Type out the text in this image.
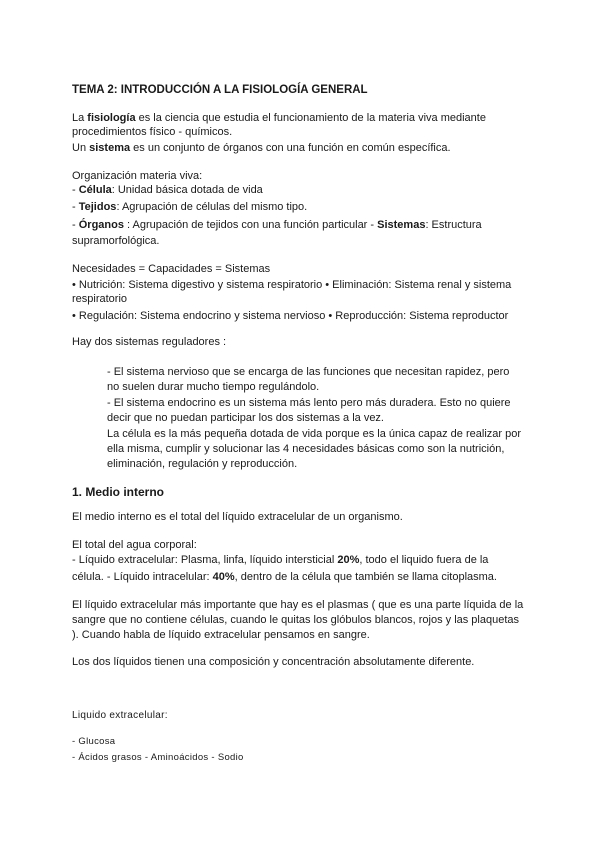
TEMA 2: INTRODUCCIÓN A LA FISIOLOGÍA GENERAL
La fisiología es la ciencia que estudia el funcionamiento de la materia viva mediante
procedimientos físico - químicos.
Un sistema es un conjunto de órganos con una función en común específica.
Organización materia viva:
- Célula: Unidad básica dotada de vida
- Tejidos: Agrupación de células del mismo tipo.
- Órganos : Agrupación de tejidos con una función particular - Sistemas: Estructura
supramorfológica.
Necesidades = Capacidades = Sistemas
• Nutrición: Sistema digestivo y sistema respiratorio • Eliminación: Sistema renal y sistema
respiratorio
• Regulación: Sistema endocrino y sistema nervioso • Reproducción: Sistema reproductor
Hay dos sistemas reguladores :
- El sistema nervioso que se encarga de las funciones que necesitan rapidez, pero
no suelen durar mucho tiempo regulándolo.
- El sistema endocrino es un sistema más lento pero más duradera. Esto no quiere
decir que no puedan participar los dos sistemas a la vez.
La célula es la más pequeña dotada de vida porque es la única capaz de realizar por
ella misma, cumplir y solucionar las 4 necesidades básicas como son la nutrición,
eliminación, regulación y reproducción.
1. Medio interno
El medio interno es el total del líquido extracelular de un organismo.
El total del agua corporal:
- Líquido extracelular: Plasma, linfa, líquido intersticial 20%, todo el liquido fuera de la
célula. - Líquido intracelular: 40%, dentro de la célula que también se llama citoplasma.
El líquido extracelular más importante que hay es el plasmas ( que es una parte líquida de la
sangre que no contiene células, cuando le quitas los glóbulos blancos, rojos y las plaquetas
). Cuando habla de líquido extracelular pensamos en sangre.
Los dos líquidos tienen una composición y concentración absolutamente diferente.
Liquido extracelular:
- Glucosa
- Ácidos grasos - Aminoácidos - Sodio
